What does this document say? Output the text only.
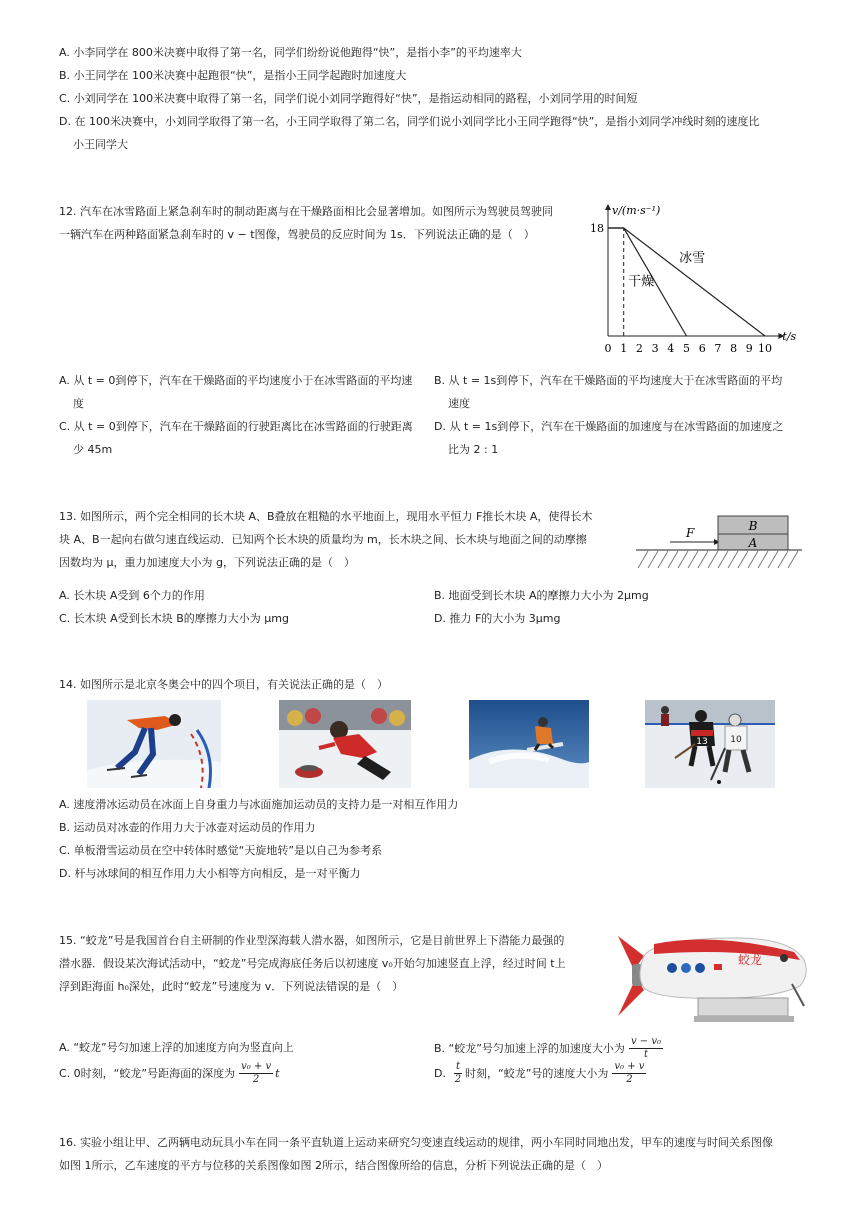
A. 小李同学在 800米决赛中取得了第一名，同学们纷纷说他跑得“快”，是指小李”的平均速率大
B. 小王同学在 100米决赛中起跑很“快”，是指小王同学起跑时加速度大
C. 小刘同学在 100米决赛中取得了第一名，同学们说小刘同学跑得好“快”，是指运动相同的路程，小刘同学用的时间短
D. 在 100米决赛中，小刘同学取得了第一名，小王同学取得了第二名，同学们说小刘同学比小王同学跑得“快”，是指小刘同学冲线时刻的速度比
小王同学大
12. 汽车在冰雪路面上紧急刹车时的制动距离与在干燥路面相比会显著增加。如图所示为驾驶员驾驶同
一辆汽车在两种路面紧急刹车时的 v − t图像，驾驶员的反应时间为 1s．下列说法正确的是（　）
v/(m·s⁻¹)
t/s
0 1 2 3 4 5 6 7 8 9 10
18
干燥
冰雪
A. 从 t = 0到停下，汽车在干燥路面的平均速度小于在冰雪路面的平均速
度
B. 从 t = 1s到停下，汽车在干燥路面的平均速度大于在冰雪路面的平均
速度
C. 从 t = 0到停下，汽车在干燥路面的行驶距离比在冰雪路面的行驶距离
少 45m
D. 从 t = 1s到停下，汽车在干燥路面的加速度与在冰雪路面的加速度之
比为 2 : 1
13. 如图所示，两个完全相同的长木块 A、B叠放在粗糙的水平地面上，现用水平恒力 F推长木块 A，使得长木
块 A、B一起向右做匀速直线运动．已知两个长木块的质量均为 m，长木块之间、长木块与地面之间的动摩擦
因数均为 μ，重力加速度大小为 g，下列说法正确的是（　）
F	B
A
A. 长木块 A受到 6个力的作用	B. 地面受到长木块 A的摩擦力大小为 2μmg
C. 长木块 A受到长木块 B的摩擦力大小为 μmg	D. 推力 F的大小为 3μmg
14. 如图所示是北京冬奥会中的四个项目，有关说法正确的是（　）
13	10
A. 速度滑冰运动员在冰面上自身重力与冰面施加运动员的支持力是一对相互作用力
B. 运动员对冰壶的作用力大于冰壶对运动员的作用力
C. 单板滑雪运动员在空中转体时感觉“天旋地转”是以自己为参考系
D. 杆与冰球间的相互作用力大小相等方向相反，是一对平衡力
15. “蛟龙”号是我国首台自主研制的作业型深海载人潜水器，如图所示，它是目前世界上下潜能力最强的
潜水器．假设某次海试活动中，“蛟龙”号完成海底任务后以初速度 v₀开始匀加速竖直上浮，经过时间 t上
浮到距海面 h₀深处，此时“蛟龙”号速度为 v．下列说法错误的是（　）
蛟龙
A. “蛟龙”号匀加速上浮的加速度方向为竖直向上	B. “蛟龙”号匀加速上浮的加速度大小为 $\frac{\text{v − v₀}}{t}$
C. 0时刻，“蛟龙”号距海面的深度为 $\frac{\text{v₀ + v}}{2}$ t	D. $\frac{t}{2}$ 时刻，“蛟龙”号的速度大小为 $\frac{\text{v₀ + v}}{2}$
16. 实验小组让甲、乙两辆电动玩具小车在同一条平直轨道上运动来研究匀变速直线运动的规律，两小车同时同地出发，甲车的速度与时间关系图像
如图 1所示，乙车速度的平方与位移的关系图像如图 2所示，结合图像所给的信息，分析下列说法正确的是（　）
